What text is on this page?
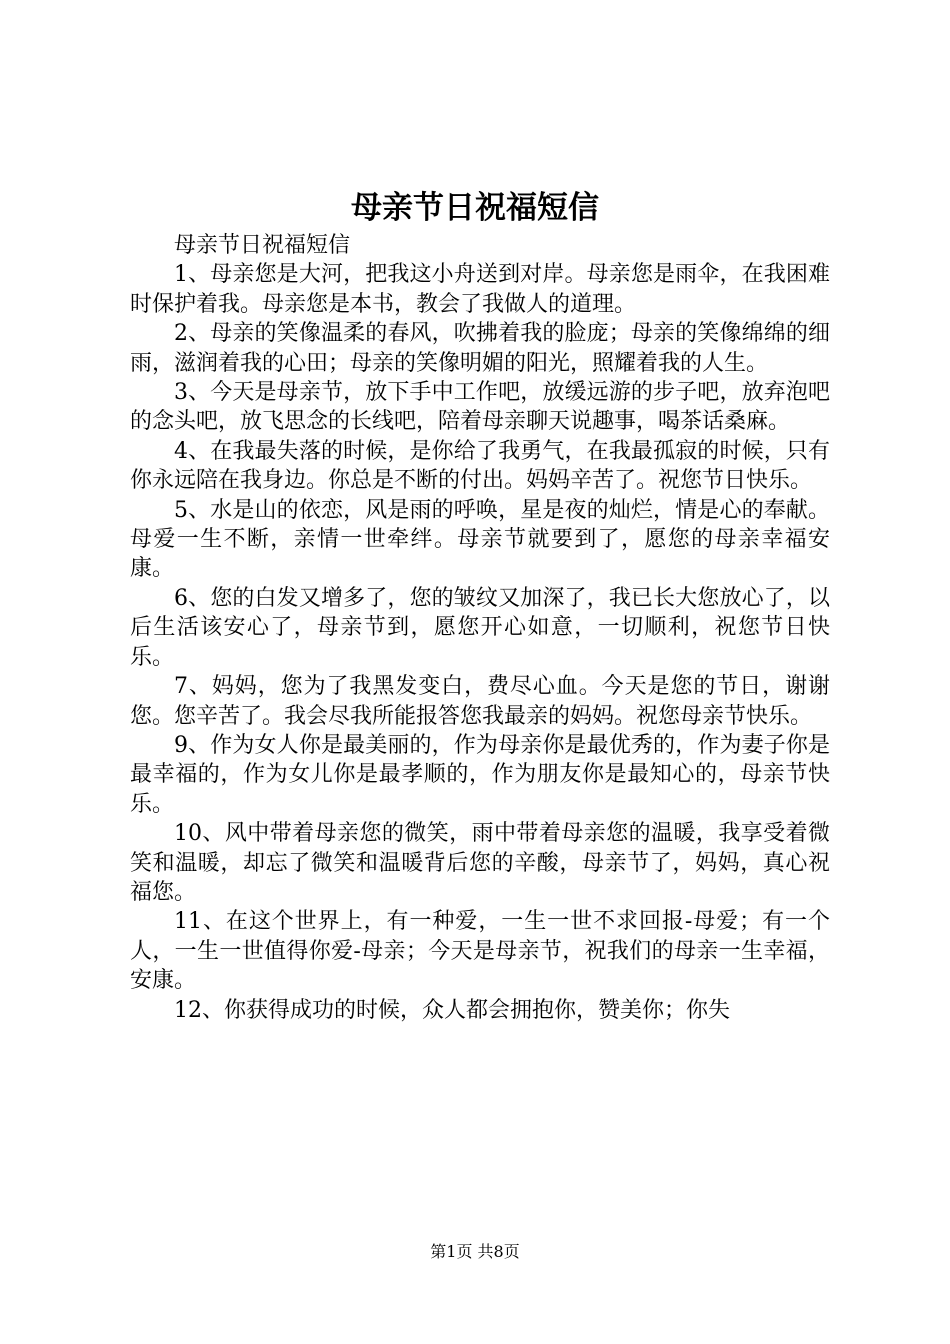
母亲节日祝福短信

母亲节日祝福短信

1、母亲您是大河，把我这小舟送到对岸。母亲您是雨伞，在我困难时保护着我。母亲您是本书，教会了我做人的道理。

2、母亲的笑像温柔的春风，吹拂着我的脸庞；母亲的笑像绵绵的细雨，滋润着我的心田；母亲的笑像明媚的阳光，照耀着我的人生。

3、今天是母亲节，放下手中工作吧，放缓远游的步子吧，放弃泡吧的念头吧，放飞思念的长线吧，陪着母亲聊天说趣事，喝茶话桑麻。

4、在我最失落的时候，是你给了我勇气，在我最孤寂的时候，只有你永远陪在我身边。你总是不断的付出。妈妈辛苦了。祝您节日快乐。

5、水是山的依恋，风是雨的呼唤，星是夜的灿烂，情是心的奉献。母爱一生不断，亲情一世牵绊。母亲节就要到了，愿您的母亲幸福安康。

6、您的白发又增多了，您的皱纹又加深了，我已长大您放心了，以后生活该安心了，母亲节到，愿您开心如意，一切顺利，祝您节日快乐。

7、妈妈，您为了我黑发变白，费尽心血。今天是您的节日，谢谢您。您辛苦了。我会尽我所能报答您我最亲的妈妈。祝您母亲节快乐。

9、作为女人你是最美丽的，作为母亲你是最优秀的，作为妻子你是最幸福的，作为女儿你是最孝顺的，作为朋友你是最知心的，母亲节快乐。

10、风中带着母亲您的微笑，雨中带着母亲您的温暖，我享受着微笑和温暖，却忘了微笑和温暖背后您的辛酸，母亲节了，妈妈，真心祝福您。

11、在这个世界上，有一种爱，一生一世不求回报-母爱；有一个人，一生一世值得你爱-母亲；今天是母亲节，祝我们的母亲一生幸福，安康。

12、你获得成功的时候，众人都会拥抱你，赞美你；你失

第1页 共8页
